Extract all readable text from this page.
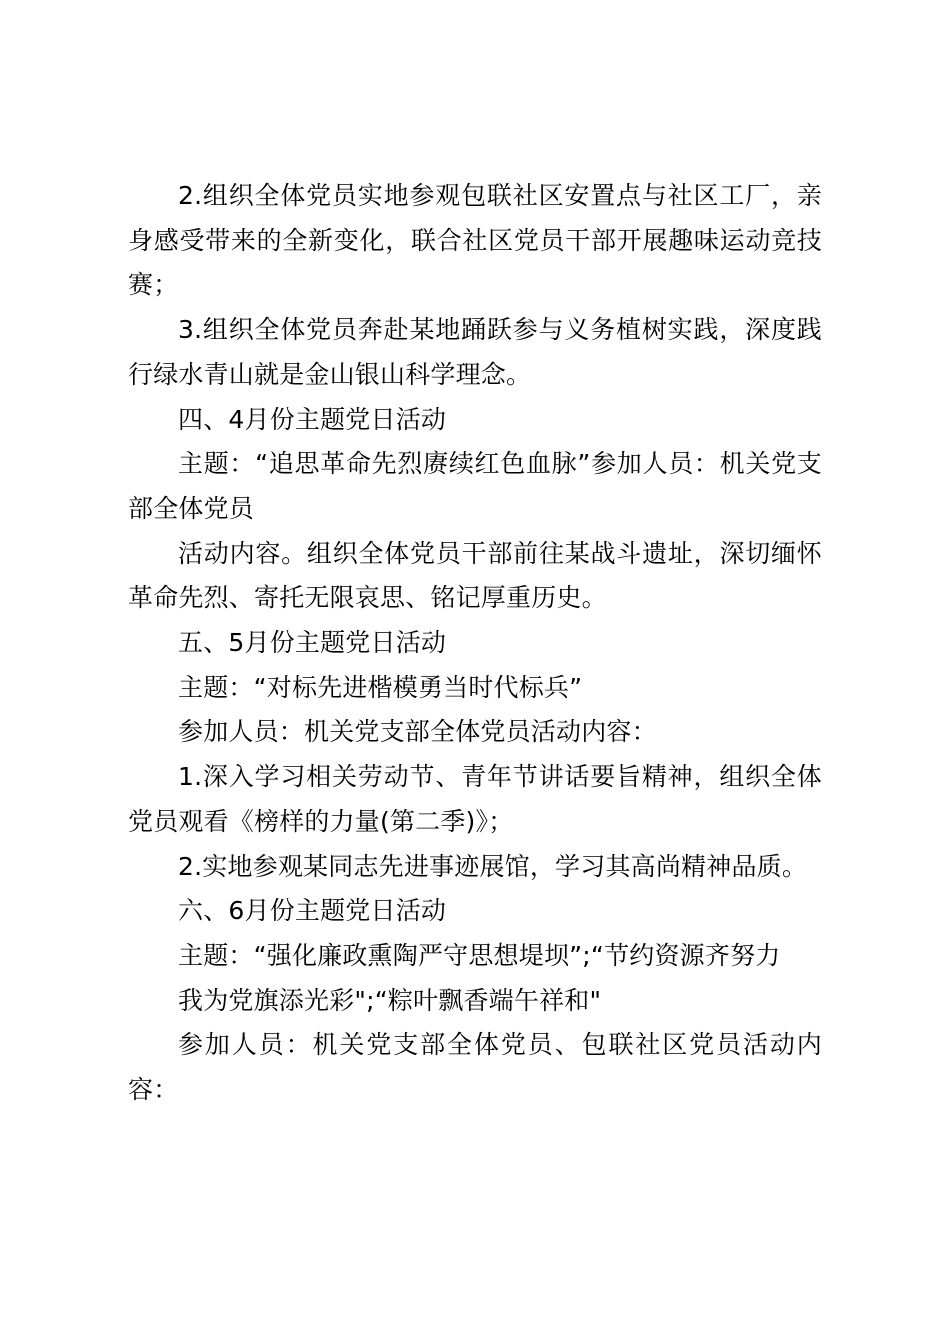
2.组织全体党员实地参观包联社区安置点与社区工厂，亲身感受带来的全新变化，联合社区党员干部开展趣味运动竞技赛；

3.组织全体党员奔赴某地踊跃参与义务植树实践，深度践行绿水青山就是金山银山科学理念。

四、4月份主题党日活动

主题：“追思革命先烈赓续红色血脉”参加人员：机关党支部全体党员

活动内容。组织全体党员干部前往某战斗遗址，深切缅怀革命先烈、寄托无限哀思、铭记厚重历史。

五、5月份主题党日活动

主题：“对标先进楷模勇当时代标兵”

参加人员：机关党支部全体党员活动内容：

1.深入学习相关劳动节、青年节讲话要旨精神，组织全体党员观看《榜样的力量(第二季)》；

2.实地参观某同志先进事迹展馆，学习其高尚精神品质。

六、6月份主题党日活动

主题：“强化廉政熏陶严守思想堤坝”;“节约资源齐努力

我为党旗添光彩";“粽叶飘香端午祥和"

参加人员：机关党支部全体党员、包联社区党员活动内容：
